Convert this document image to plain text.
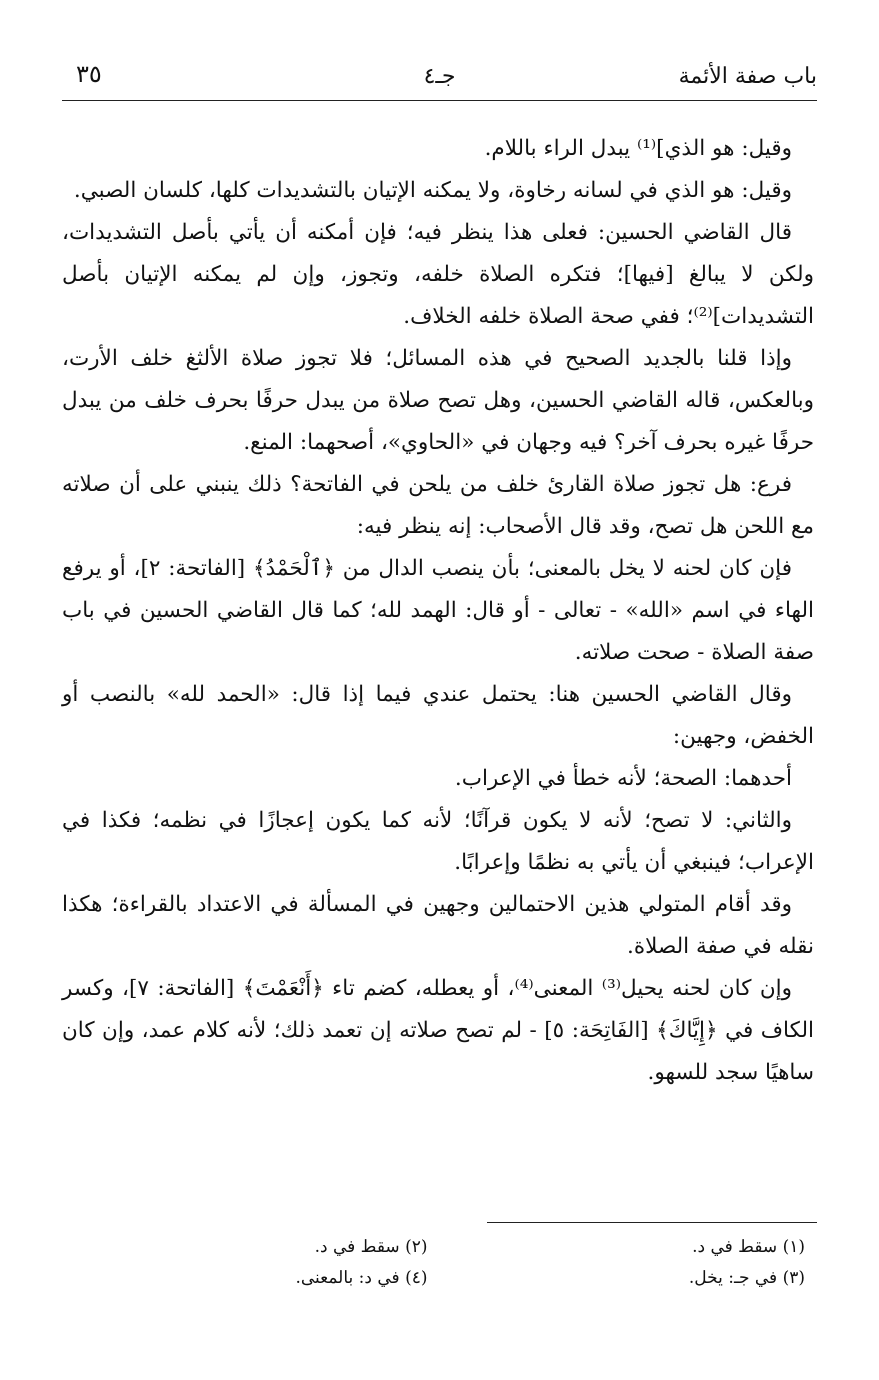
باب صفة الأئمة
جـ٤
٣٥

وقيل: هو الذي]⁽¹⁾ يبدل الراء باللام.

وقيل: هو الذي في لسانه رخاوة، ولا يمكنه الإتيان بالتشديدات كلها، كلسان الصبي.

قال القاضي الحسين: فعلى هذا ينظر فيه؛ فإن أمكنه أن يأتي بأصل التشديدات، ولكن لا يبالغ [فيها]؛ فتكره الصلاة خلفه، وتجوز، وإن لم يمكنه الإتيان بأصل التشديدات]⁽²⁾؛ ففي صحة الصلاة خلفه الخلاف.

وإذا قلنا بالجديد الصحيح في هذه المسائل؛ فلا تجوز صلاة الألثغ خلف الأرت، وبالعكس، قاله القاضي الحسين، وهل تصح صلاة من يبدل حرفًا بحرف خلف من يبدل حرفًا غيره بحرف آخر؟ فيه وجهان في «الحاوي»، أصحهما: المنع.

فرع: هل تجوز صلاة القارئ خلف من يلحن في الفاتحة؟ ذلك ينبني على أن صلاته مع اللحن هل تصح، وقد قال الأصحاب: إنه ينظر فيه:

فإن كان لحنه لا يخل بالمعنى؛ بأن ينصب الدال من ﴿ٱلْحَمْدُ﴾ [الفاتحة: ٢]، أو يرفع الهاء في اسم «الله» - تعالى - أو قال: الهمد لله؛ كما قال القاضي الحسين في باب صفة الصلاة - صحت صلاته.

وقال القاضي الحسين هنا: يحتمل عندي فيما إذا قال: «الحمد لله» بالنصب أو الخفض، وجهين:

أحدهما: الصحة؛ لأنه خطأ في الإعراب.

والثاني: لا تصح؛ لأنه لا يكون قرآنًا؛ لأنه كما يكون إعجازًا في نظمه؛ فكذا في الإعراب؛ فينبغي أن يأتي به نظمًا وإعرابًا.

وقد أقام المتولي هذين الاحتمالين وجهين في المسألة في الاعتداد بالقراءة؛ هكذا نقله في صفة الصلاة.

وإن كان لحنه يحيل⁽³⁾ المعنى⁽⁴⁾، أو يعطله، كضم تاء ﴿أَنْعَمْتَ﴾ [الفاتحة: ٧]، وكسر الكاف في ﴿إِيَّاكَ﴾ [الفَاتِحَة: ٥] - لم تصح صلاته إن تعمد ذلك؛ لأنه كلام عمد، وإن كان ساهيًا سجد للسهو.

(١) سقط في د.
(٢) سقط في د.
(٣) في جـ: يخل.
(٤) في د: بالمعنى.
